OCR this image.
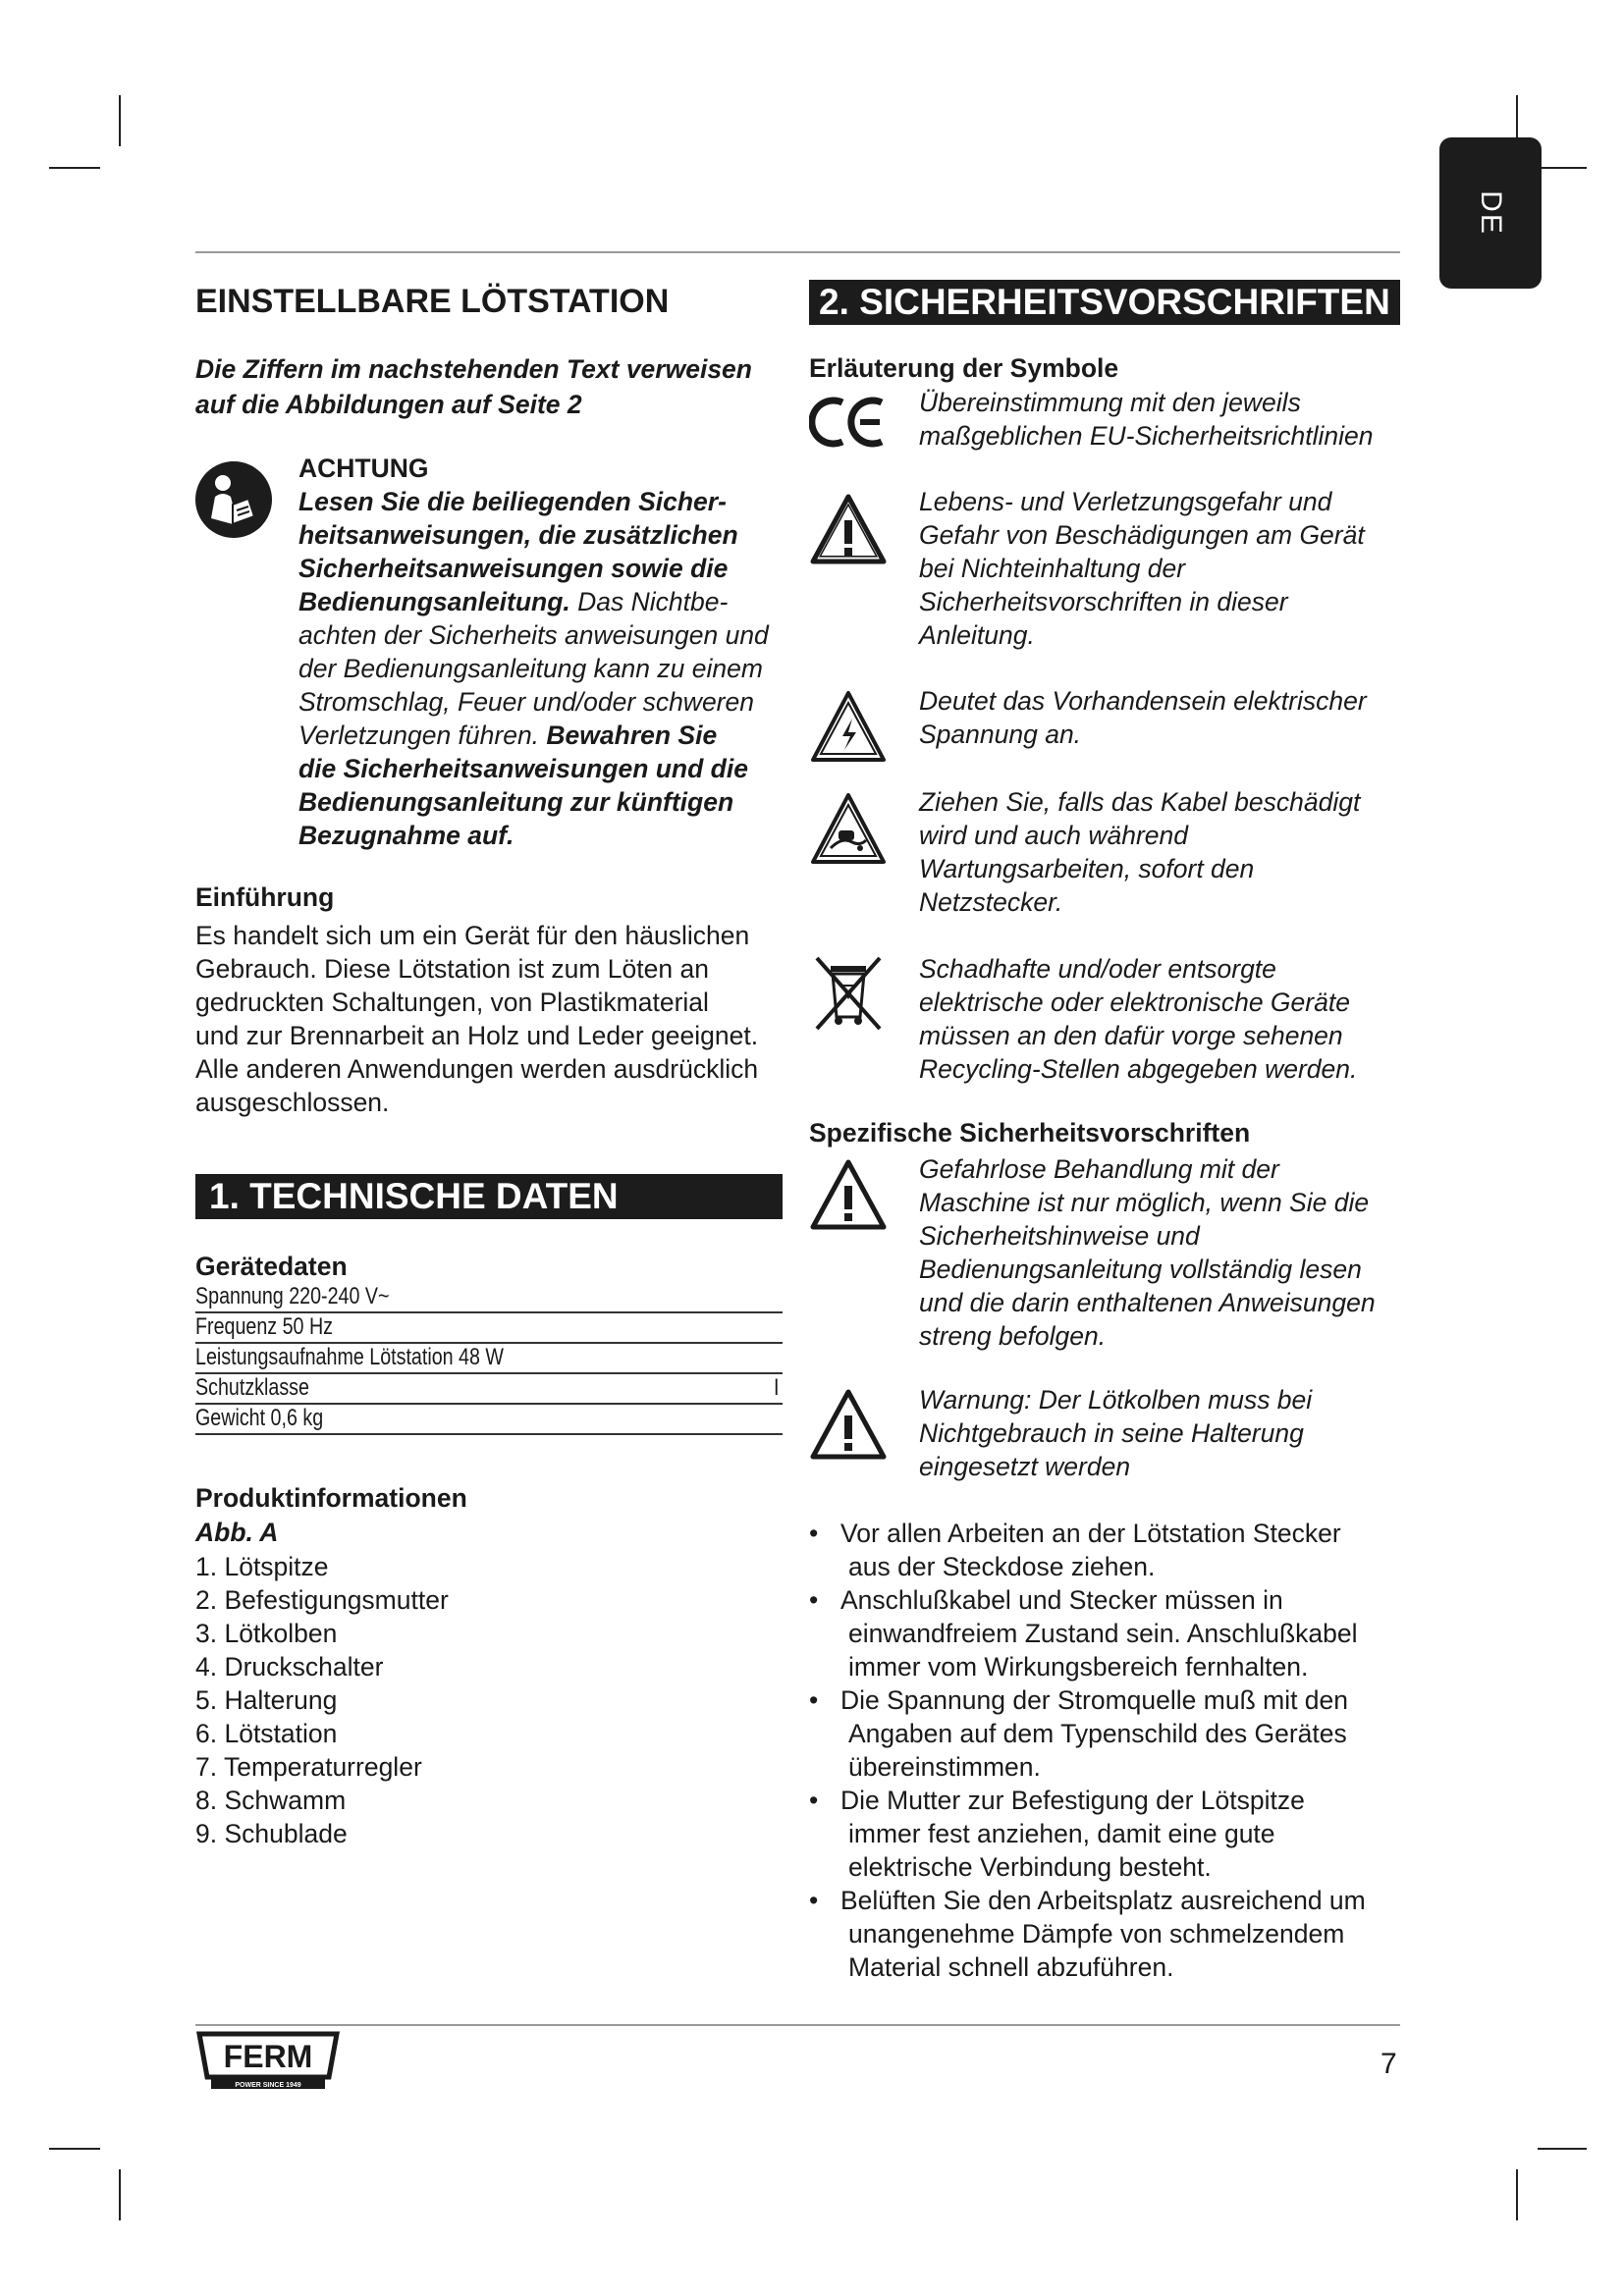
DE
EINSTELLBARE LÖTSTATION
Die Ziffern im nachstehenden Text verweisen
auf die Abbildungen auf Seite 2
ACHTUNG
Lesen Sie die beiliegenden Sicher-
heitsanweisungen, die zusätzlichen
Sicherheitsanweisungen sowie die
Bedienungsanleitung. Das Nichtbe-
achten der Sicherheits anweisungen und
der Bedienungsanleitung kann zu einem
Stromschlag, Feuer und/oder schweren
Verletzungen führen. Bewahren Sie
die Sicherheitsanweisungen und die
Bedienungsanleitung zur künftigen
Bezugnahme auf.
Einführung
Es handelt sich um ein Gerät für den häuslichen
Gebrauch. Diese Lötstation ist zum Löten an
gedruckten Schaltungen, von Plastikmaterial
und zur Brennarbeit an Holz und Leder geeignet.
Alle anderen Anwendungen werden ausdrücklich
ausgeschlossen.
1. TECHNISCHE DATEN
Gerätedaten
Spannung 220-240 V~
Frequenz 50 Hz
Leistungsaufnahme Lötstation 48 W
Schutzklasse	I
Gewicht 0,6 kg
Produktinformationen
Abb. A
1. Lötspitze
2. Befestigungsmutter
3. Lötkolben
4. Druckschalter
5. Halterung
6. Lötstation
7. Temperaturregler
8. Schwamm
9. Schublade
2. SICHERHEITSVORSCHRIFTEN
Erläuterung der Symbole
Übereinstimmung mit den jeweils
maßgeblichen EU-Sicherheitsrichtlinien
Lebens- und Verletzungsgefahr und
Gefahr von Beschädigungen am Gerät
bei Nichteinhaltung der
Sicherheitsvorschriften in dieser
Anleitung.
Deutet das Vorhandensein elektrischer
Spannung an.
Ziehen Sie, falls das Kabel beschädigt
wird und auch während
Wartungsarbeiten, sofort den
Netzstecker.
Schadhafte und/oder entsorgte
elektrische oder elektronische Geräte
müssen an den dafür vorge sehenen
Recycling-Stellen abgegeben werden.
Spezifische Sicherheitsvorschriften
Gefahrlose Behandlung mit der
Maschine ist nur möglich, wenn Sie die
Sicherheitshinweise und
Bedienungsanleitung vollständig lesen
und die darin enthaltenen Anweisungen
streng befolgen.
Warnung: Der Lötkolben muss bei
Nichtgebrauch in seine Halterung
eingesetzt werden
• Vor allen Arbeiten an der Lötstation Stecker
aus der Steckdose ziehen.
• Anschlußkabel und Stecker müssen in
einwandfreiem Zustand sein. Anschlußkabel
immer vom Wirkungsbereich fernhalten.
• Die Spannung der Stromquelle muß mit den
Angaben auf dem Typenschild des Gerätes
übereinstimmen.
• Die Mutter zur Befestigung der Lötspitze
immer fest anziehen, damit eine gute
elektrische Verbindung besteht.
• Belüften Sie den Arbeitsplatz ausreichend um
unangenehme Dämpfe von schmelzendem
Material schnell abzuführen.
FERM
POWER SINCE 1949
7
